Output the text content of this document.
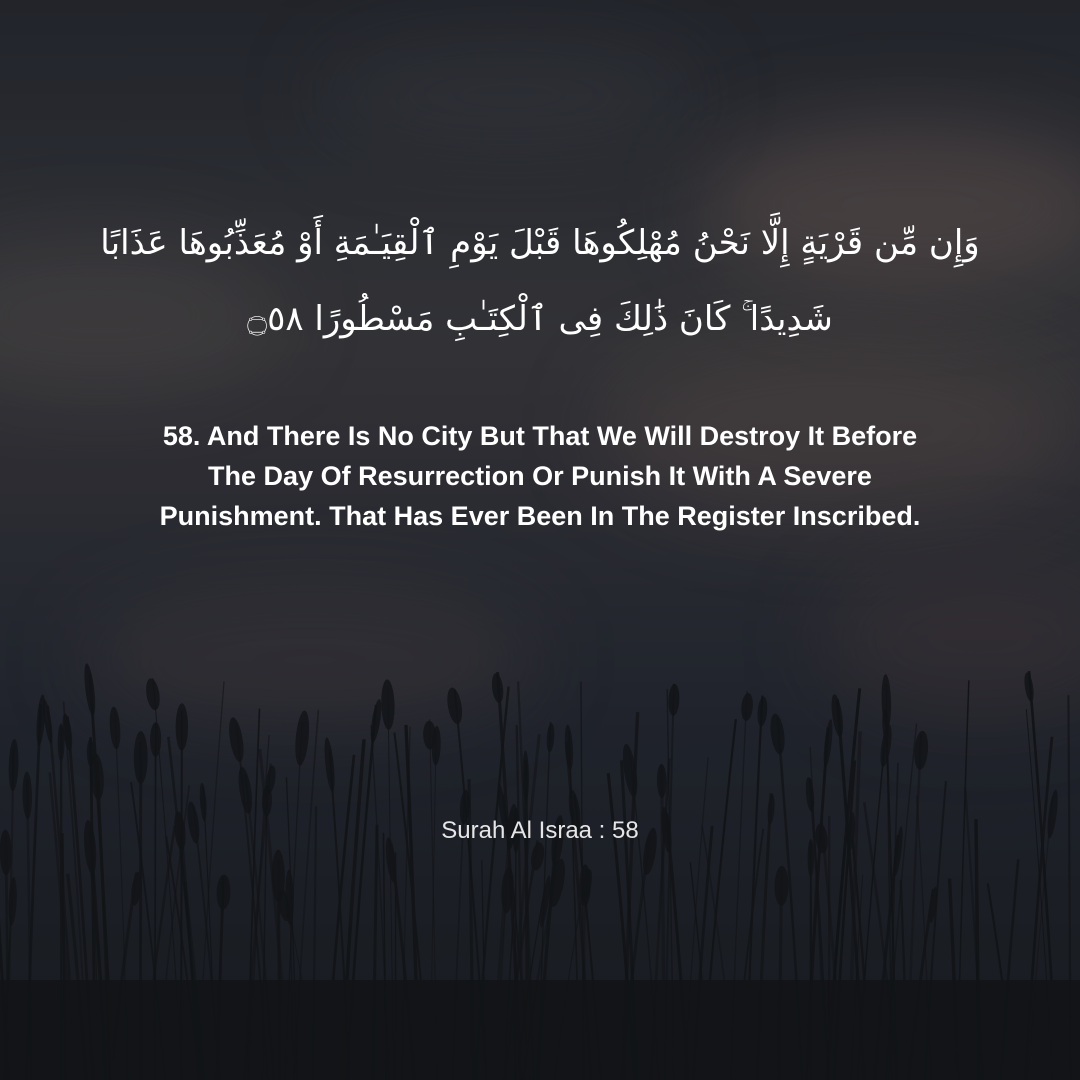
وَإِن مِّن قَرْيَةٍ إِلَّا نَحْنُ مُهْلِكُوهَا قَبْلَ يَوْمِ ٱلْقِيَـٰمَةِ أَوْ مُعَذِّبُوهَا عَذَابًا شَدِيدًا ۚ كَانَ ذَٰلِكَ فِى ٱلْكِتَـٰبِ مَسْطُورًا ۝٥٨

58. And There Is No City But That We Will Destroy It Before The Day Of Resurrection Or Punish It With A Severe Punishment. That Has Ever Been In The Register Inscribed.

Surah Al Israa : 58
